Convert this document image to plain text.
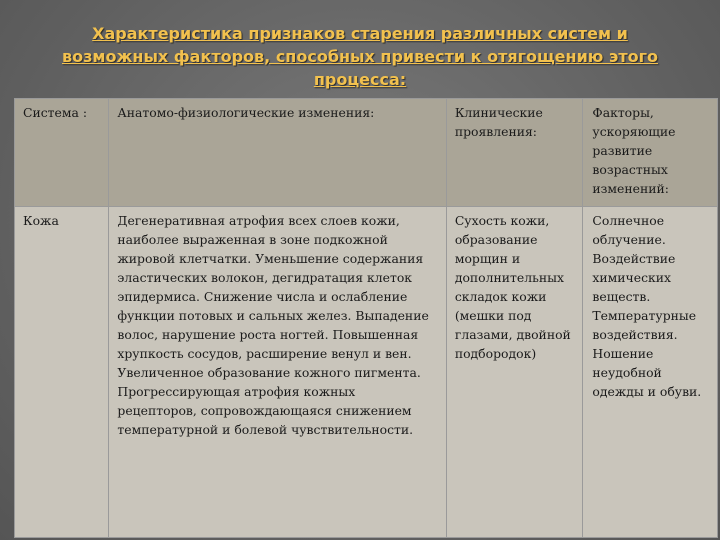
Характеристика признаков старения различных систем и возможных факторов, способных привести к отягощению этого процесса:
Система :	Анатомо-физиологические изменения:	Клинические проявления:	Факторы, ускоряющие развитие возрастных изменений:
Кожа	Дегенеративная атрофия всех слоев кожи, наиболее выраженная в зоне подкожной жировой клетчатки. Уменьшение содержания эластических волокон, дегидратация клеток эпидермиса. Снижение числа и ослабление функции потовых и сальных желез. Выпадение волос, нарушение роста ногтей. Повышенная хрупкость сосудов, расширение венул и вен. Увеличенное образование кожного пигмента. Прогрессирующая атрофия кожных рецепторов, сопровождающаяся снижением температурной и болевой чувствительности.	Сухость кожи, образование морщин и дополнительных складок кожи (мешки под глазами, двойной подбородок)	Солнечное облучение. Воздействие химических веществ. Температурные воздействия. Ношение неудобной одежды и обуви.
